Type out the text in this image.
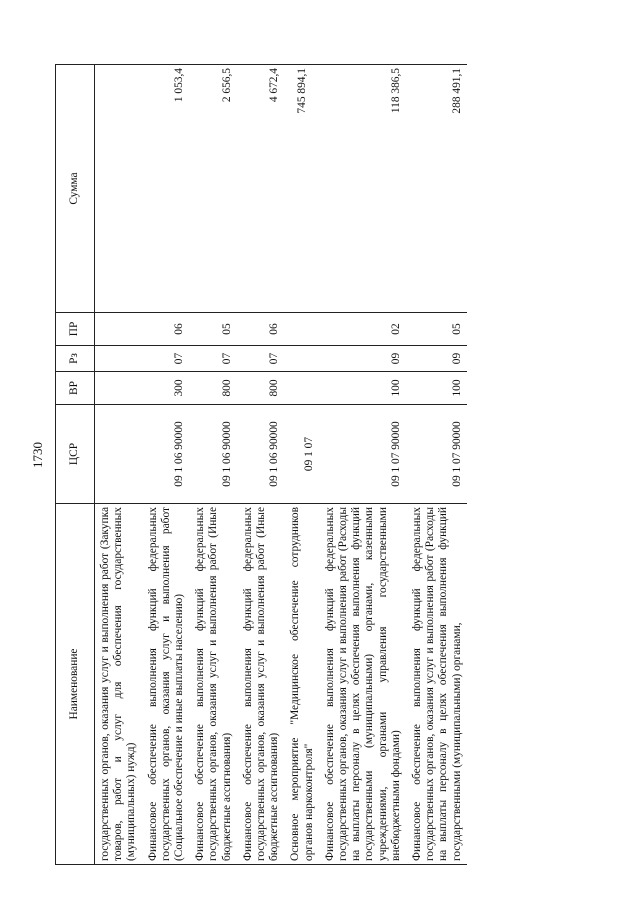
1730
Наименование	ЦСР	ВР	Рз	ПР	Сумма
государственных органов, оказания услуг и выполнения работ (Закупка товаров, работ и услуг для обеспечения государственных (муниципальных) нужд)					
Финансовое обеспечение выполнения функций федеральных государственных органов, оказания услуг и выполнения работ (Социальное обеспечение и иные выплаты населению)	09 1 06 90000	300	07	06	1 053,4
Финансовое обеспечение выполнения функций федеральных государственных органов, оказания услуг и выполнения работ (Иные бюджетные ассигнования)	09 1 06 90000	800	07	05	2 656,5
Финансовое обеспечение выполнения функций федеральных государственных органов, оказания услуг и выполнения работ (Иные бюджетные ассигнования)	09 1 06 90000	800	07	06	4 672,4
Основное мероприятие "Медицинское обеспечение сотрудников органов наркоконтроля"	09 1 07				745 894,1
Финансовое обеспечение выполнения функций федеральных государственных органов, оказания услуг и выполнения работ (Расходы на выплаты персоналу в целях обеспечения выполнения функций государственными (муниципальными) органами, казенными учреждениями, органами управления государственными внебюджетными фондами)	09 1 07 90000	100	09	02	118 386,5
Финансовое обеспечение выполнения функций федеральных государственных органов, оказания услуг и выполнения работ (Расходы на выплаты персоналу в целях обеспечения выполнения функций государственными (муниципальными) органами,	09 1 07 90000	100	09	05	288 491,1
